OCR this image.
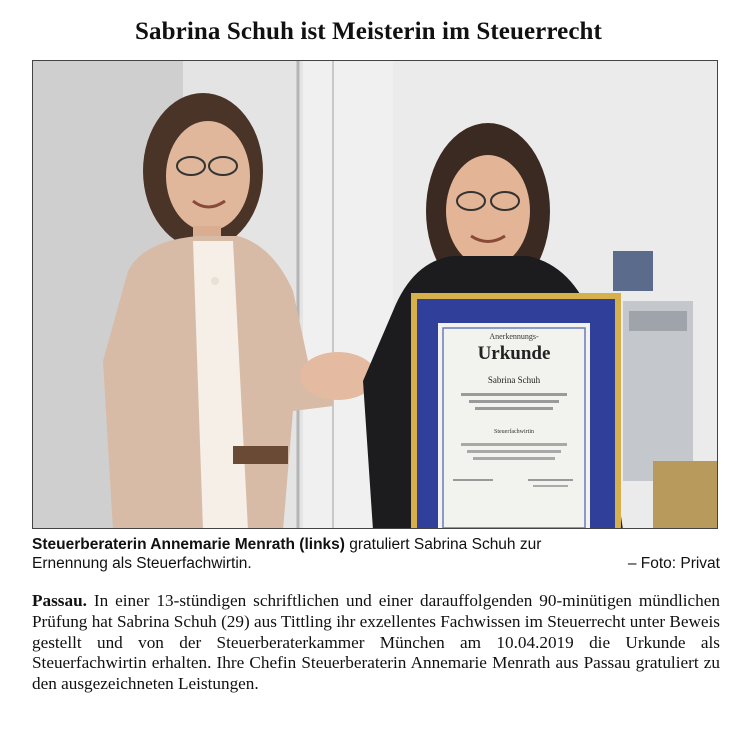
Sabrina Schuh ist Meisterin im Steuerrecht
Anerkennungs-
Urkunde
Sabrina Schuh
Steuerfachwirtin
Steuerberaterin Annemarie Menrath (links) gratuliert Sabrina Schuh zur
Ernennung als Steuerfachwirtin.	– Foto: Privat

Passau. In einer 13-stündigen schriftlichen und einer darauffolgenden 90-minütigen mündlichen Prüfung hat Sabrina Schuh (29) aus Tittling ihr exzellentes Fachwissen im Steuerrecht unter Beweis gestellt und von der Steuerberaterkammer München am 10.04.2019 die Urkunde als Steuerfachwirtin erhalten. Ihre Chefin Steuerberaterin Annemarie Menrath aus Passau gratuliert zu den ausgezeichneten Leistungen.
